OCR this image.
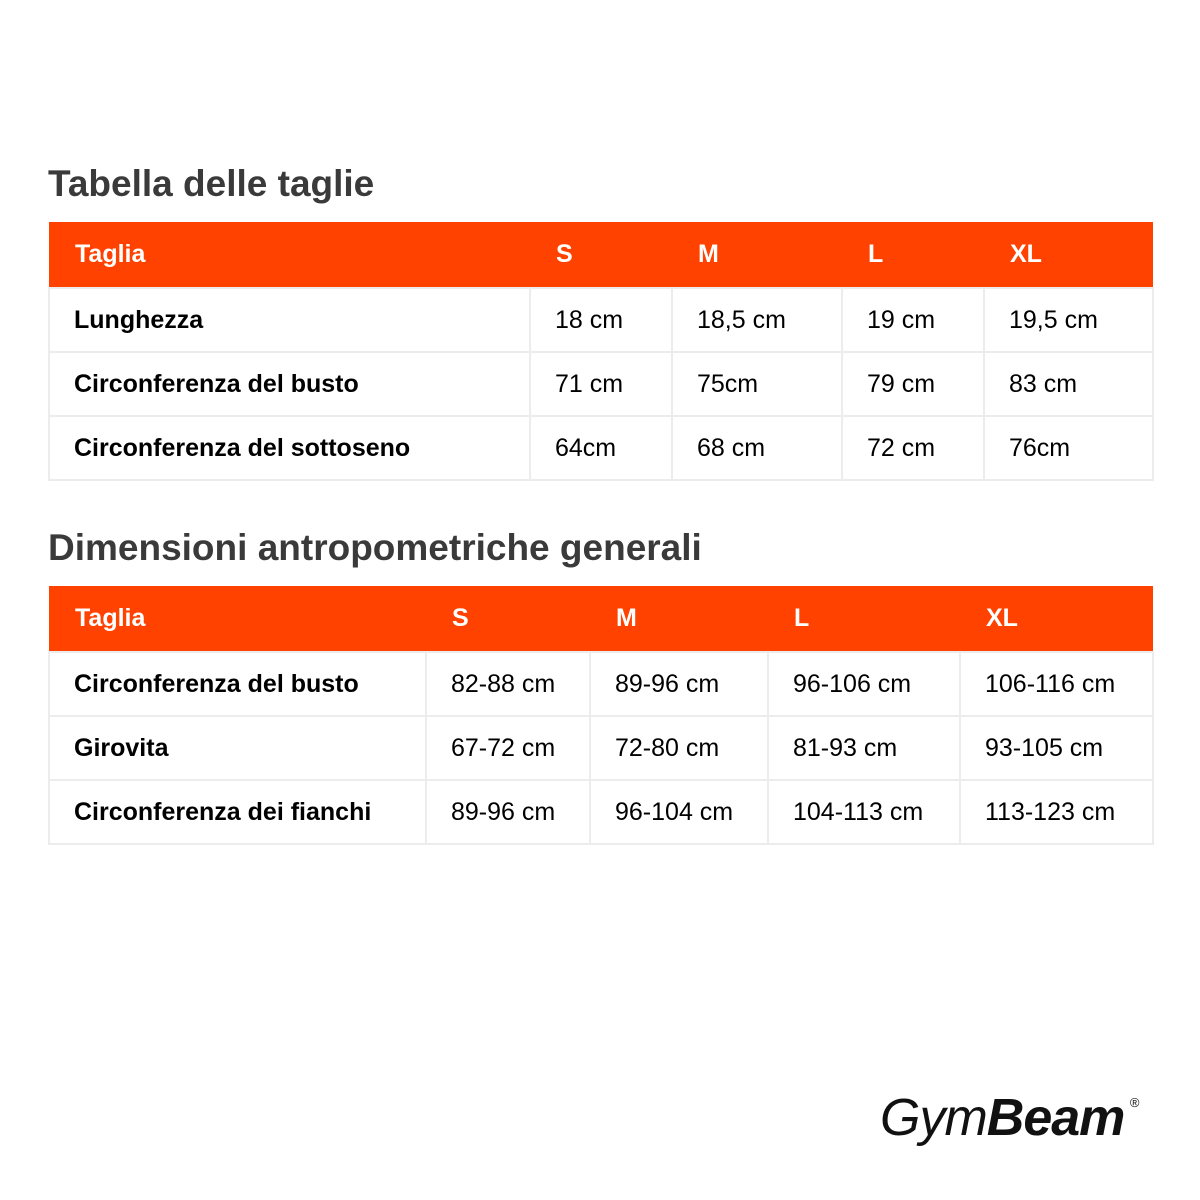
Tabella delle taglie
Taglia	S	M	L	XL
Lunghezza	18 cm	18,5 cm	19 cm	19,5 cm
Circonferenza del busto	71 cm	75cm	79 cm	83 cm
Circonferenza del sottoseno	64cm	68 cm	72 cm	76cm
Dimensioni antropometriche generali
Taglia	S	M	L	XL
Circonferenza del busto	82-88 cm	89-96 cm	96-106 cm	106-116 cm
Girovita	67-72 cm	72-80 cm	81-93 cm	93-105 cm
Circonferenza dei fianchi	89-96 cm	96-104 cm	104-113 cm	113-123 cm
GymBeam ®
